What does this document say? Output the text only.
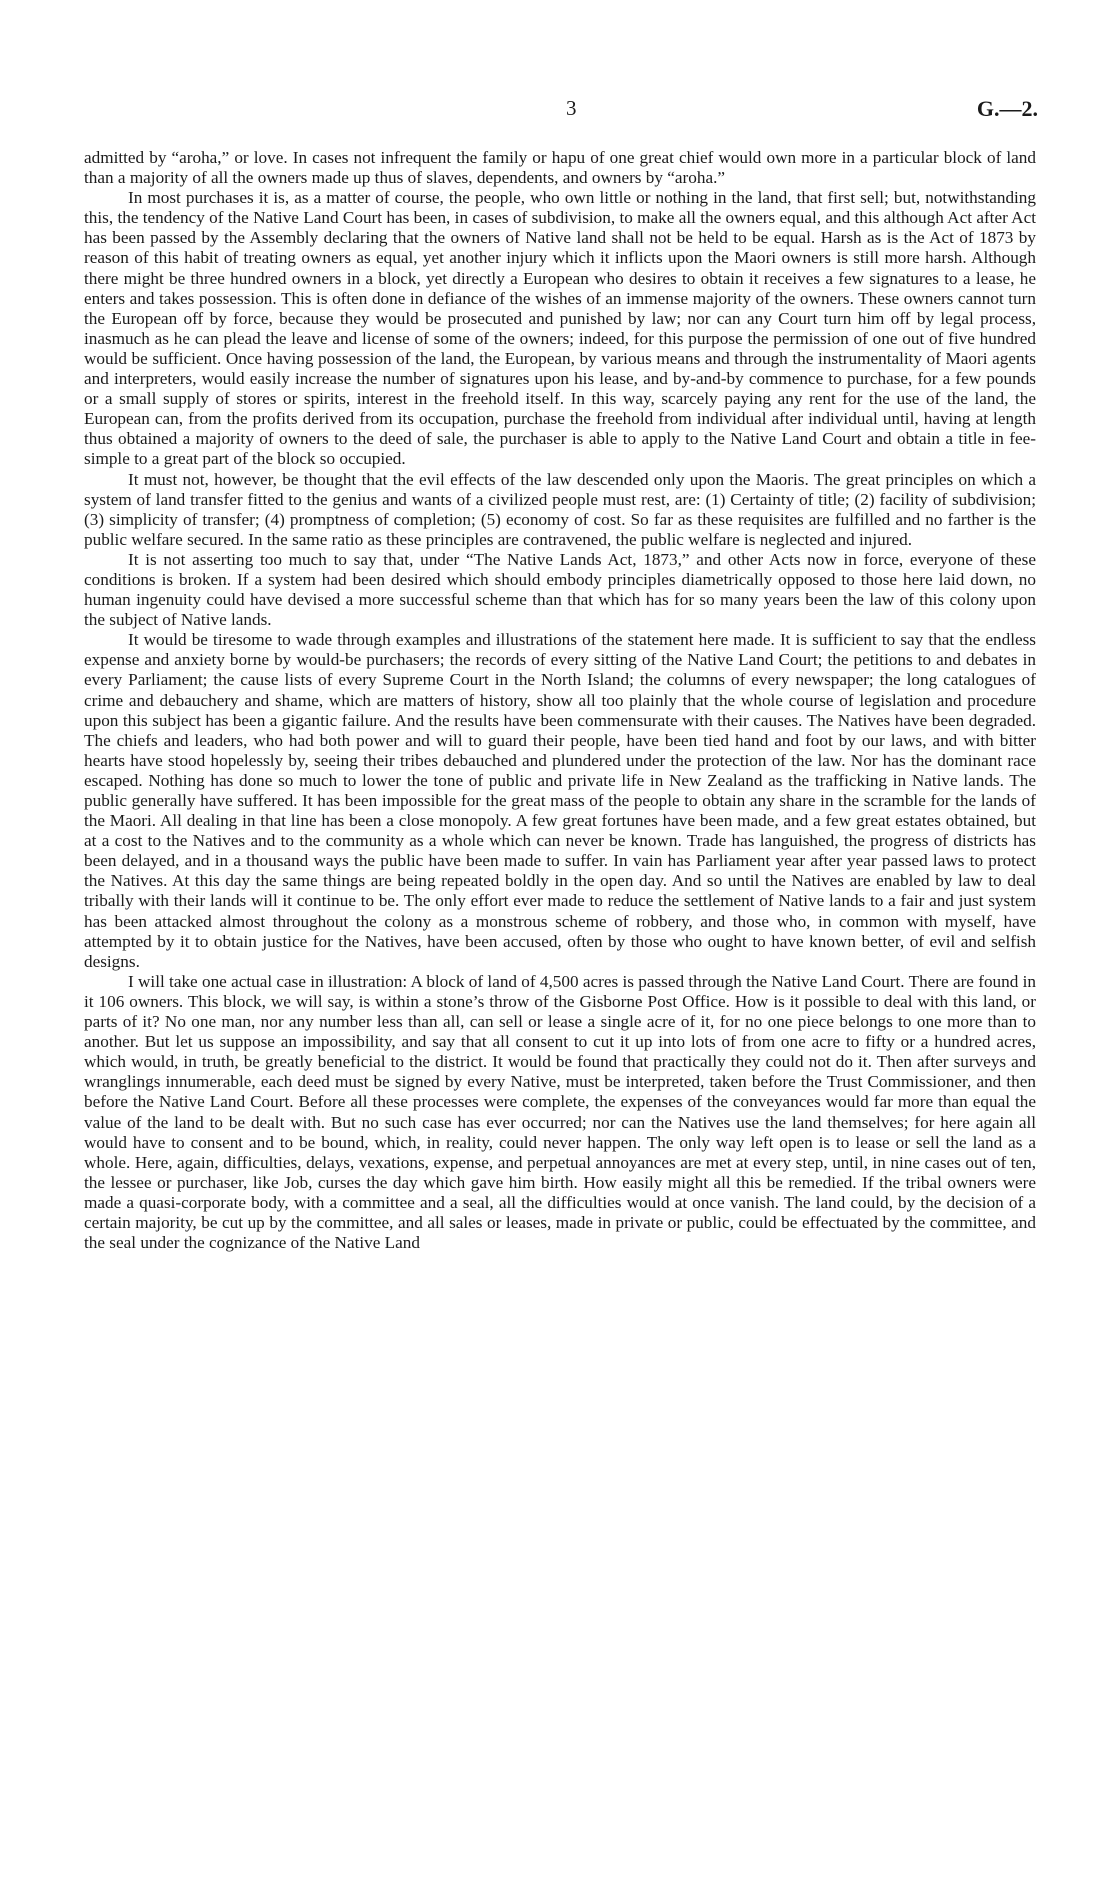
3	G.—2.

admitted by “aroha,” or love. In cases not infrequent the family or hapu of one great chief would own more in a particular block of land than a majority of all the owners made up thus of slaves, dependents, and owners by “aroha.”

In most purchases it is, as a matter of course, the people, who own little or nothing in the land, that first sell; but, notwithstanding this, the tendency of the Native Land Court has been, in cases of subdivision, to make all the owners equal, and this although Act after Act has been passed by the Assembly declaring that the owners of Native land shall not be held to be equal. Harsh as is the Act of 1873 by reason of this habit of treating owners as equal, yet another injury which it inflicts upon the Maori owners is still more harsh. Although there might be three hundred owners in a block, yet directly a European who desires to obtain it receives a few signatures to a lease, he enters and takes possession. This is often done in defiance of the wishes of an immense majority of the owners. These owners cannot turn the European off by force, because they would be prosecuted and punished by law; nor can any Court turn him off by legal process, inasmuch as he can plead the leave and license of some of the owners; indeed, for this purpose the permission of one out of five hundred would be sufficient. Once having possession of the land, the European, by various means and through the instrumentality of Maori agents and interpreters, would easily increase the number of signatures upon his lease, and by-and-by commence to purchase, for a few pounds or a small supply of stores or spirits, interest in the freehold itself. In this way, scarcely paying any rent for the use of the land, the European can, from the profits derived from its occupation, purchase the freehold from individual after individual until, having at length thus obtained a majority of owners to the deed of sale, the purchaser is able to apply to the Native Land Court and obtain a title in fee-simple to a great part of the block so occupied.

It must not, however, be thought that the evil effects of the law descended only upon the Maoris. The great principles on which a system of land transfer fitted to the genius and wants of a civilized people must rest, are: (1) Certainty of title; (2) facility of subdivision; (3) simplicity of transfer; (4) promptness of completion; (5) economy of cost. So far as these requisites are fulfilled and no farther is the public welfare secured. In the same ratio as these principles are contravened, the public welfare is neglected and injured.

It is not asserting too much to say that, under “The Native Lands Act, 1873,” and other Acts now in force, everyone of these conditions is broken. If a system had been desired which should embody principles diametrically opposed to those here laid down, no human ingenuity could have devised a more successful scheme than that which has for so many years been the law of this colony upon the subject of Native lands.

It would be tiresome to wade through examples and illustrations of the statement here made. It is sufficient to say that the endless expense and anxiety borne by would-be purchasers; the records of every sitting of the Native Land Court; the petitions to and debates in every Parliament; the cause lists of every Supreme Court in the North Island; the columns of every newspaper; the long catalogues of crime and debauchery and shame, which are matters of history, show all too plainly that the whole course of legislation and procedure upon this subject has been a gigantic failure. And the results have been commensurate with their causes. The Natives have been degraded. The chiefs and leaders, who had both power and will to guard their people, have been tied hand and foot by our laws, and with bitter hearts have stood hopelessly by, seeing their tribes debauched and plundered under the protection of the law. Nor has the dominant race escaped. Nothing has done so much to lower the tone of public and private life in New Zealand as the trafficking in Native lands. The public generally have suffered. It has been impossible for the great mass of the people to obtain any share in the scramble for the lands of the Maori. All dealing in that line has been a close monopoly. A few great fortunes have been made, and a few great estates obtained, but at a cost to the Natives and to the community as a whole which can never be known. Trade has languished, the progress of districts has been delayed, and in a thousand ways the public have been made to suffer. In vain has Parliament year after year passed laws to protect the Natives. At this day the same things are being repeated boldly in the open day. And so until the Natives are enabled by law to deal tribally with their lands will it continue to be. The only effort ever made to reduce the settlement of Native lands to a fair and just system has been attacked almost throughout the colony as a monstrous scheme of robbery, and those who, in common with myself, have attempted by it to obtain justice for the Natives, have been accused, often by those who ought to have known better, of evil and selfish designs.

I will take one actual case in illustration: A block of land of 4,500 acres is passed through the Native Land Court. There are found in it 106 owners. This block, we will say, is within a stone’s throw of the Gisborne Post Office. How is it possible to deal with this land, or parts of it? No one man, nor any number less than all, can sell or lease a single acre of it, for no one piece belongs to one more than to another. But let us suppose an impossibility, and say that all consent to cut it up into lots of from one acre to fifty or a hundred acres, which would, in truth, be greatly beneficial to the district. It would be found that practically they could not do it. Then after surveys and wranglings innumerable, each deed must be signed by every Native, must be interpreted, taken before the Trust Commissioner, and then before the Native Land Court. Before all these processes were complete, the expenses of the conveyances would far more than equal the value of the land to be dealt with. But no such case has ever occurred; nor can the Natives use the land themselves; for here again all would have to consent and to be bound, which, in reality, could never happen. The only way left open is to lease or sell the land as a whole. Here, again, difficulties, delays, vexations, expense, and perpetual annoyances are met at every step, until, in nine cases out of ten, the lessee or purchaser, like Job, curses the day which gave him birth. How easily might all this be remedied. If the tribal owners were made a quasi-corporate body, with a committee and a seal, all the difficulties would at once vanish. The land could, by the decision of a certain majority, be cut up by the committee, and all sales or leases, made in private or public, could be effectuated by the committee, and the seal under the cognizance of the Native Land
